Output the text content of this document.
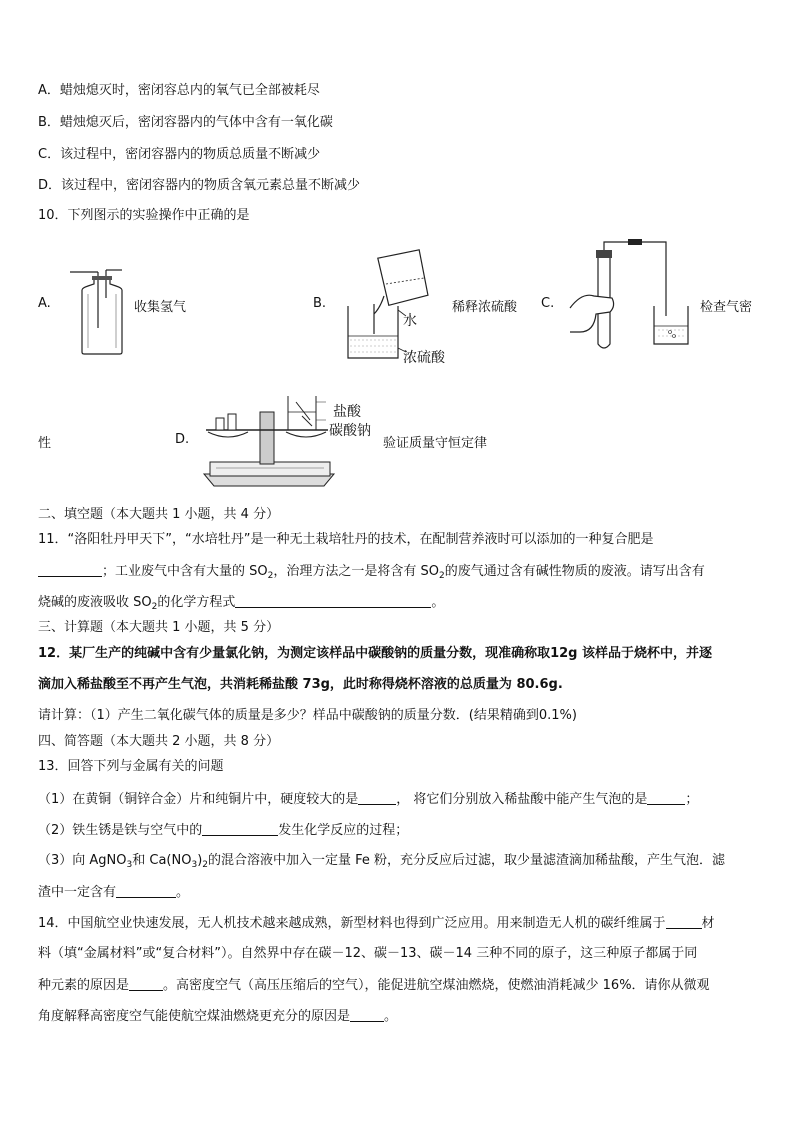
A．蜡烛熄灭时，密闭容总内的氧气已全部被耗尽
B．蜡烛熄灭后，密闭容器内的气体中含有一氧化碳
C．该过程中，密闭容器内的物质总质量不断减少
D．该过程中，密闭容器内的物质含氧元素总量不断减少
10．下列图示的实验操作中正确的是
A.	收集氢气	B.
水
浓硫酸
稀释浓硫酸 C.	检查气密
性	D.
盐酸
碳酸钠
验证质量守恒定律
二、填空题（本大题共 1 小题，共 4 分）
11．“洛阳牡丹甲天下”，“水培牡丹”是一种无土栽培牡丹的技术，在配制营养液时可以添加的一种复合肥是
；工业废气中含有大量的 $SO_2$，治理方法之一是将含有 $SO_2$的废气通过含有碱性物质的废液。请写出含有
烧碱的废液吸收 $SO_2$的化学方程式	。
三、计算题（本大题共 1 小题，共 5 分）
12．某厂生产的纯碱中含有少量氯化钠，为测定该样品中碳酸钠的质量分数，现准确称取12g 该样品于烧杯中，并逐
滴加入稀盐酸至不再产生气泡，共消耗稀盐酸 73g，此时称得烧杯溶液的总质量为 80.6g.
请计算：（1）产生二氧化碳气体的质量是多少？样品中碳酸钠的质量分数．(结果精确到0.1%)
四、简答题（本大题共 2 小题，共 8 分）
13．回答下列与金属有关的问题
（1）在黄铜（铜锌合金）片和纯铜片中，硬度较大的是	， 将它们分别放入稀盐酸中能产生气泡的是	；
（2）铁生锈是铁与空气中的	发生化学反应的过程；
（3）向 AgNO$_3$和 $Ca(NO_3)_2$的混合溶液中加入一定量 Fe 粉，充分反应后过滤，取少量滤渣滴加稀盐酸，产生气泡．滤
渣中一定含有	。
14．中国航空业快速发展，无人机技术越来越成熟，新型材料也得到广泛应用。用来制造无人机的碳纤维属于	材
料（填“金属材料”或“复合材料”）。自然界中存在碳－12、碳－13、碳－14 三种不同的原子，这三种原子都属于同
种元素的原因是	。高密度空气（高压压缩后的空气），能促进航空煤油燃烧，使燃油消耗减少 16%．请你从微观
角度解释高密度空气能使航空煤油燃烧更充分的原因是	。
